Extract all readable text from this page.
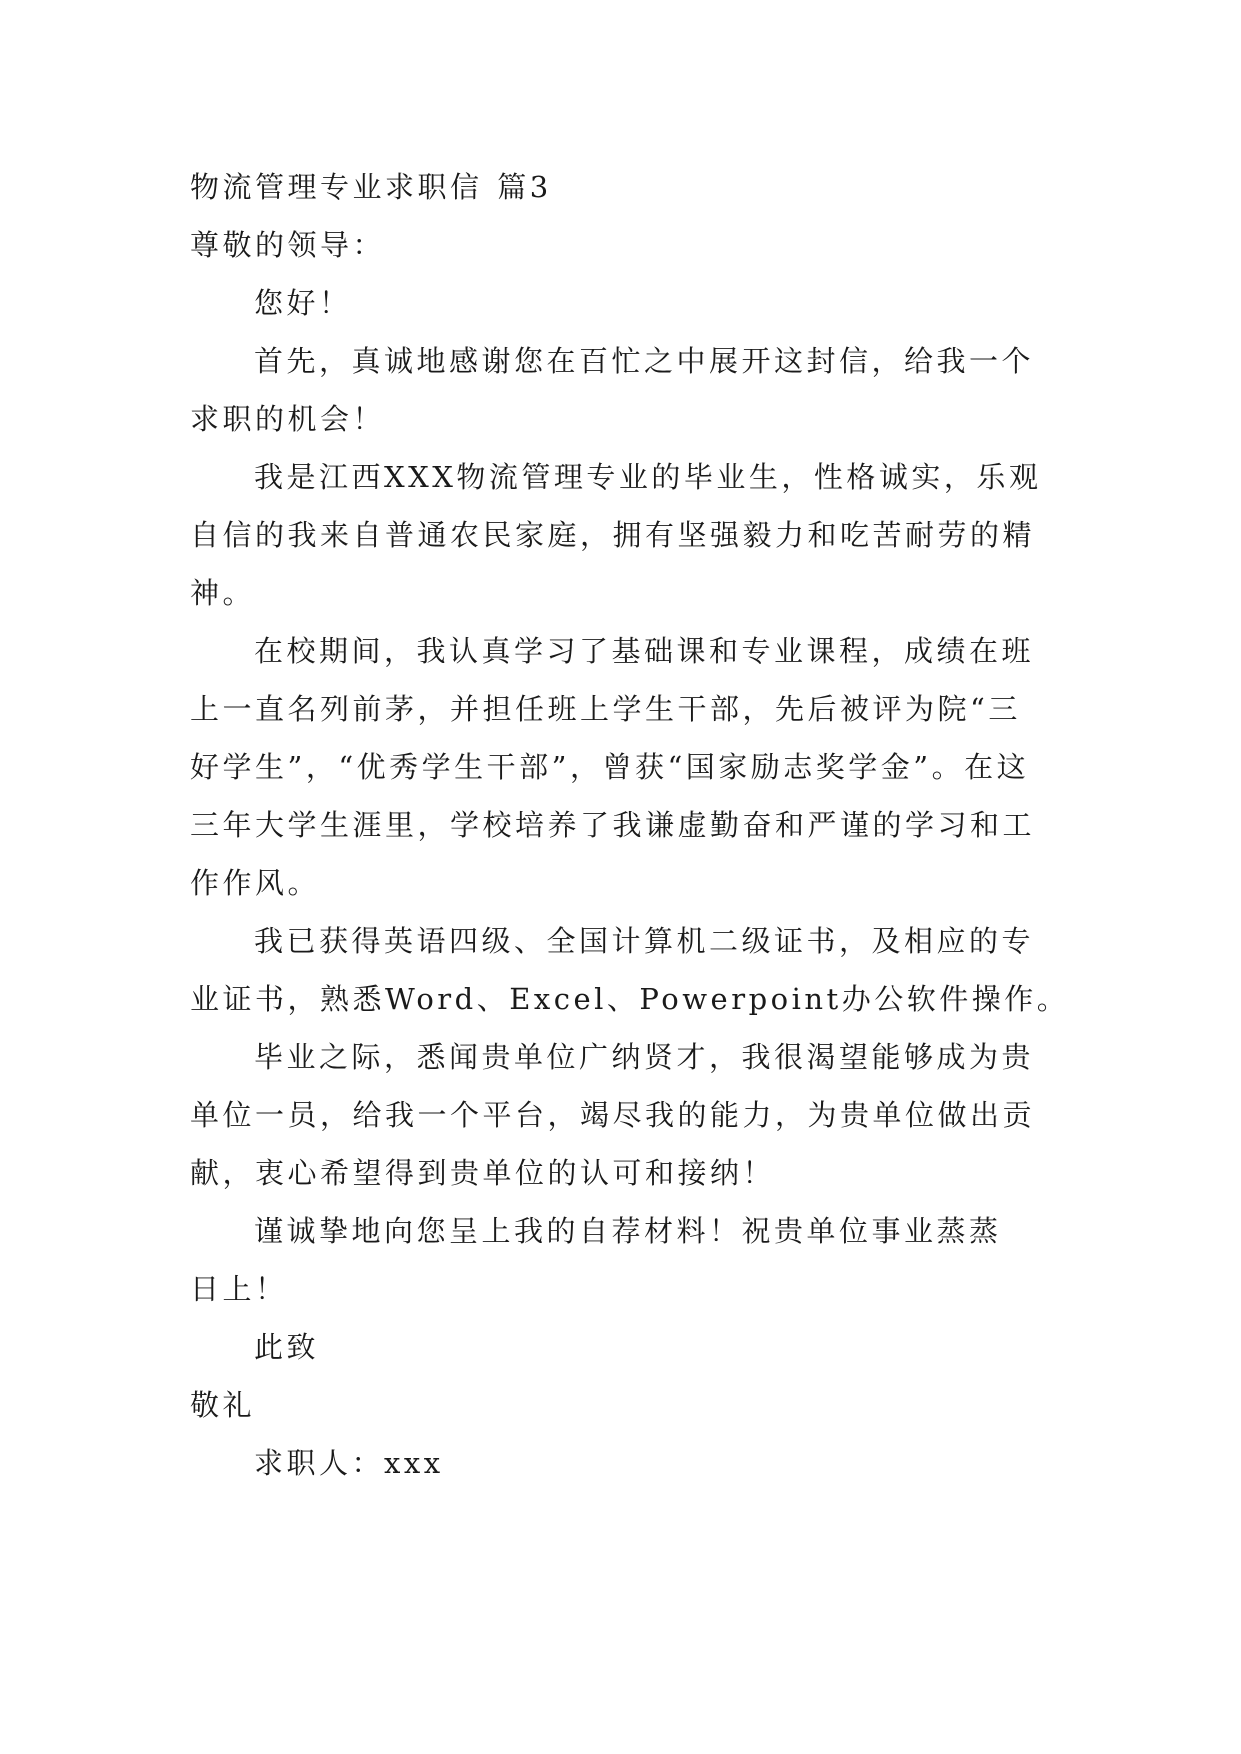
物流管理专业求职信 篇3
尊敬的领导：
您好！
首先，真诚地感谢您在百忙之中展开这封信，给我一个
求职的机会！
我是江西XXX物流管理专业的毕业生，性格诚实，乐观
自信的我来自普通农民家庭，拥有坚强毅力和吃苦耐劳的精
神。
在校期间，我认真学习了基础课和专业课程，成绩在班
上一直名列前茅，并担任班上学生干部，先后被评为院“三
好学生”，“优秀学生干部”，曾获“国家励志奖学金”。在这
三年大学生涯里，学校培养了我谦虚勤奋和严谨的学习和工
作作风。
我已获得英语四级、全国计算机二级证书，及相应的专
业证书，熟悉Word、Excel、Powerpoint办公软件操作。
毕业之际，悉闻贵单位广纳贤才，我很渴望能够成为贵
单位一员，给我一个平台，竭尽我的能力，为贵单位做出贡
献，衷心希望得到贵单位的认可和接纳！
谨诚挚地向您呈上我的自荐材料！祝贵单位事业蒸蒸
日上！
此致
敬礼
求职人：xxx
